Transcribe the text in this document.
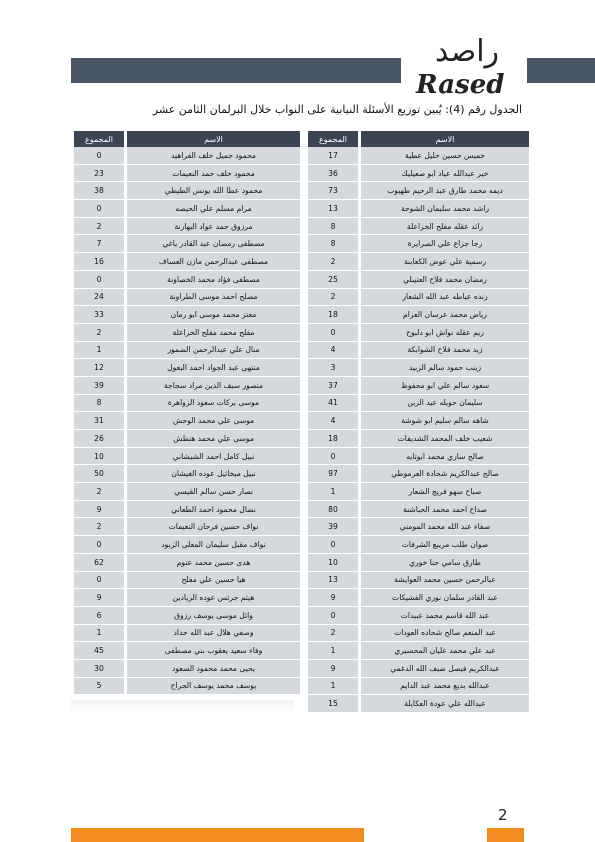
راصد
Rased
الجدول رقم (4): يُبين توزيع الأسئلة النيابية على النواب خلال البرلمان الثامن عشر
الاسم	المجموع
خميس حسين خليل عطية	17
خير عبدالله عياد ابو صعيليك	36
ديمه محمد طارق عبد الرحيم طهبوب	73
راشد محمد سليمان الشوحة	13
رائد عقله مفلح الخزاعلة	8
رجا جزاع علي الصرايرة	8
رسمية علي عوض الكعابنة	2
رمضان محمد فلاح العتيبلي	25
رنده عياطه عبد الله الشعار	2
رياض محمد عرسان العزام	18
ريم عقله نواش ابو دلبوح	0
زيد محمد فلاح الشوابكة	4
زينب حمود سالم الزبيد	3
سعود سالم علي ابو محفوظ	37
سليمان حويله عيد الزبن	41
شاهه سالم سليم ابو شوشة	4
شعيب خلف المحمد الشديفات	18
صالح ساري محمد ابوتايه	0
صالح عبدالكريم شحادة العرموطي	97
صباح سهو فريج الشعار	1
صداح احمد محمد الحباشنة	80
صفاء عبد الله محمد المومني	39
صوان طلب مريبع الشرفات	0
طارق سامي حنا خوري	10
عبالرحمن حسين محمد العوايشة	13
عبد القادر سلمان نوري الفشيكات	9
عبد الله قاسم محمد عبيدات	0
عبد المنعم صالح شحاده العودات	2
عبد علي محمد عليان المحسيري	1
عبدالكريم فيصل ضيف الله الدغمي	9
عبدالله بديع محمد عبد الدايم	1
عبدالله علي عودة العكايلة	15
الاسم	المجموع
محمود جميل خلف الفراهيد	0
محمود خلف حمد النعيمات	23
محمود عطا الله يونس الطيطي	38
مرام مسلم علي الحيصه	0
مرزوق حمد عواد البهارنة	2
مصطفى رمضان عبد القادر ياغي	7
مصطفى عبدالرحمن مازن العساف	16
مصطفى فؤاد محمد الخصاونة	0
مصلح احمد موسى الطراونة	24
معتز محمد موسى ابو رمان	33
مفلح محمد مفلح الخزاعلة	2
منال علي عبدالرحمن الضمور	1
منتهى عبد الجواد احمد البعول	12
منصور سيف الدين مراد سجاجة	39
موسى بركات سعود الزواهرة	8
موسى علي محمد الوحش	31
موسى علي محمد هنطش	26
نبيل كامل احمد الشيشاني	10
نبيل ميخائيل عوده الغيشان	50
نصار حسن سالم القيسي	2
نضال محمود احمد الطعاني	9
نواف حسين فرحان النعيمات	2
نواف مقبل سليمان المعلى الزبود	0
هدى حسين محمد عتوم	62
هيا حسين علي مفلح	0
هيثم جرئس عوده الزيادين	9
وائل موسى يوسف رزوق	6
وصفي هلال عبد الله حداد	1
وفاء سعيد يعقوب بني مصطفى	45
يحيى محمد محمود السعود	30
يوسف محمد يوسف الجراح	5
2
